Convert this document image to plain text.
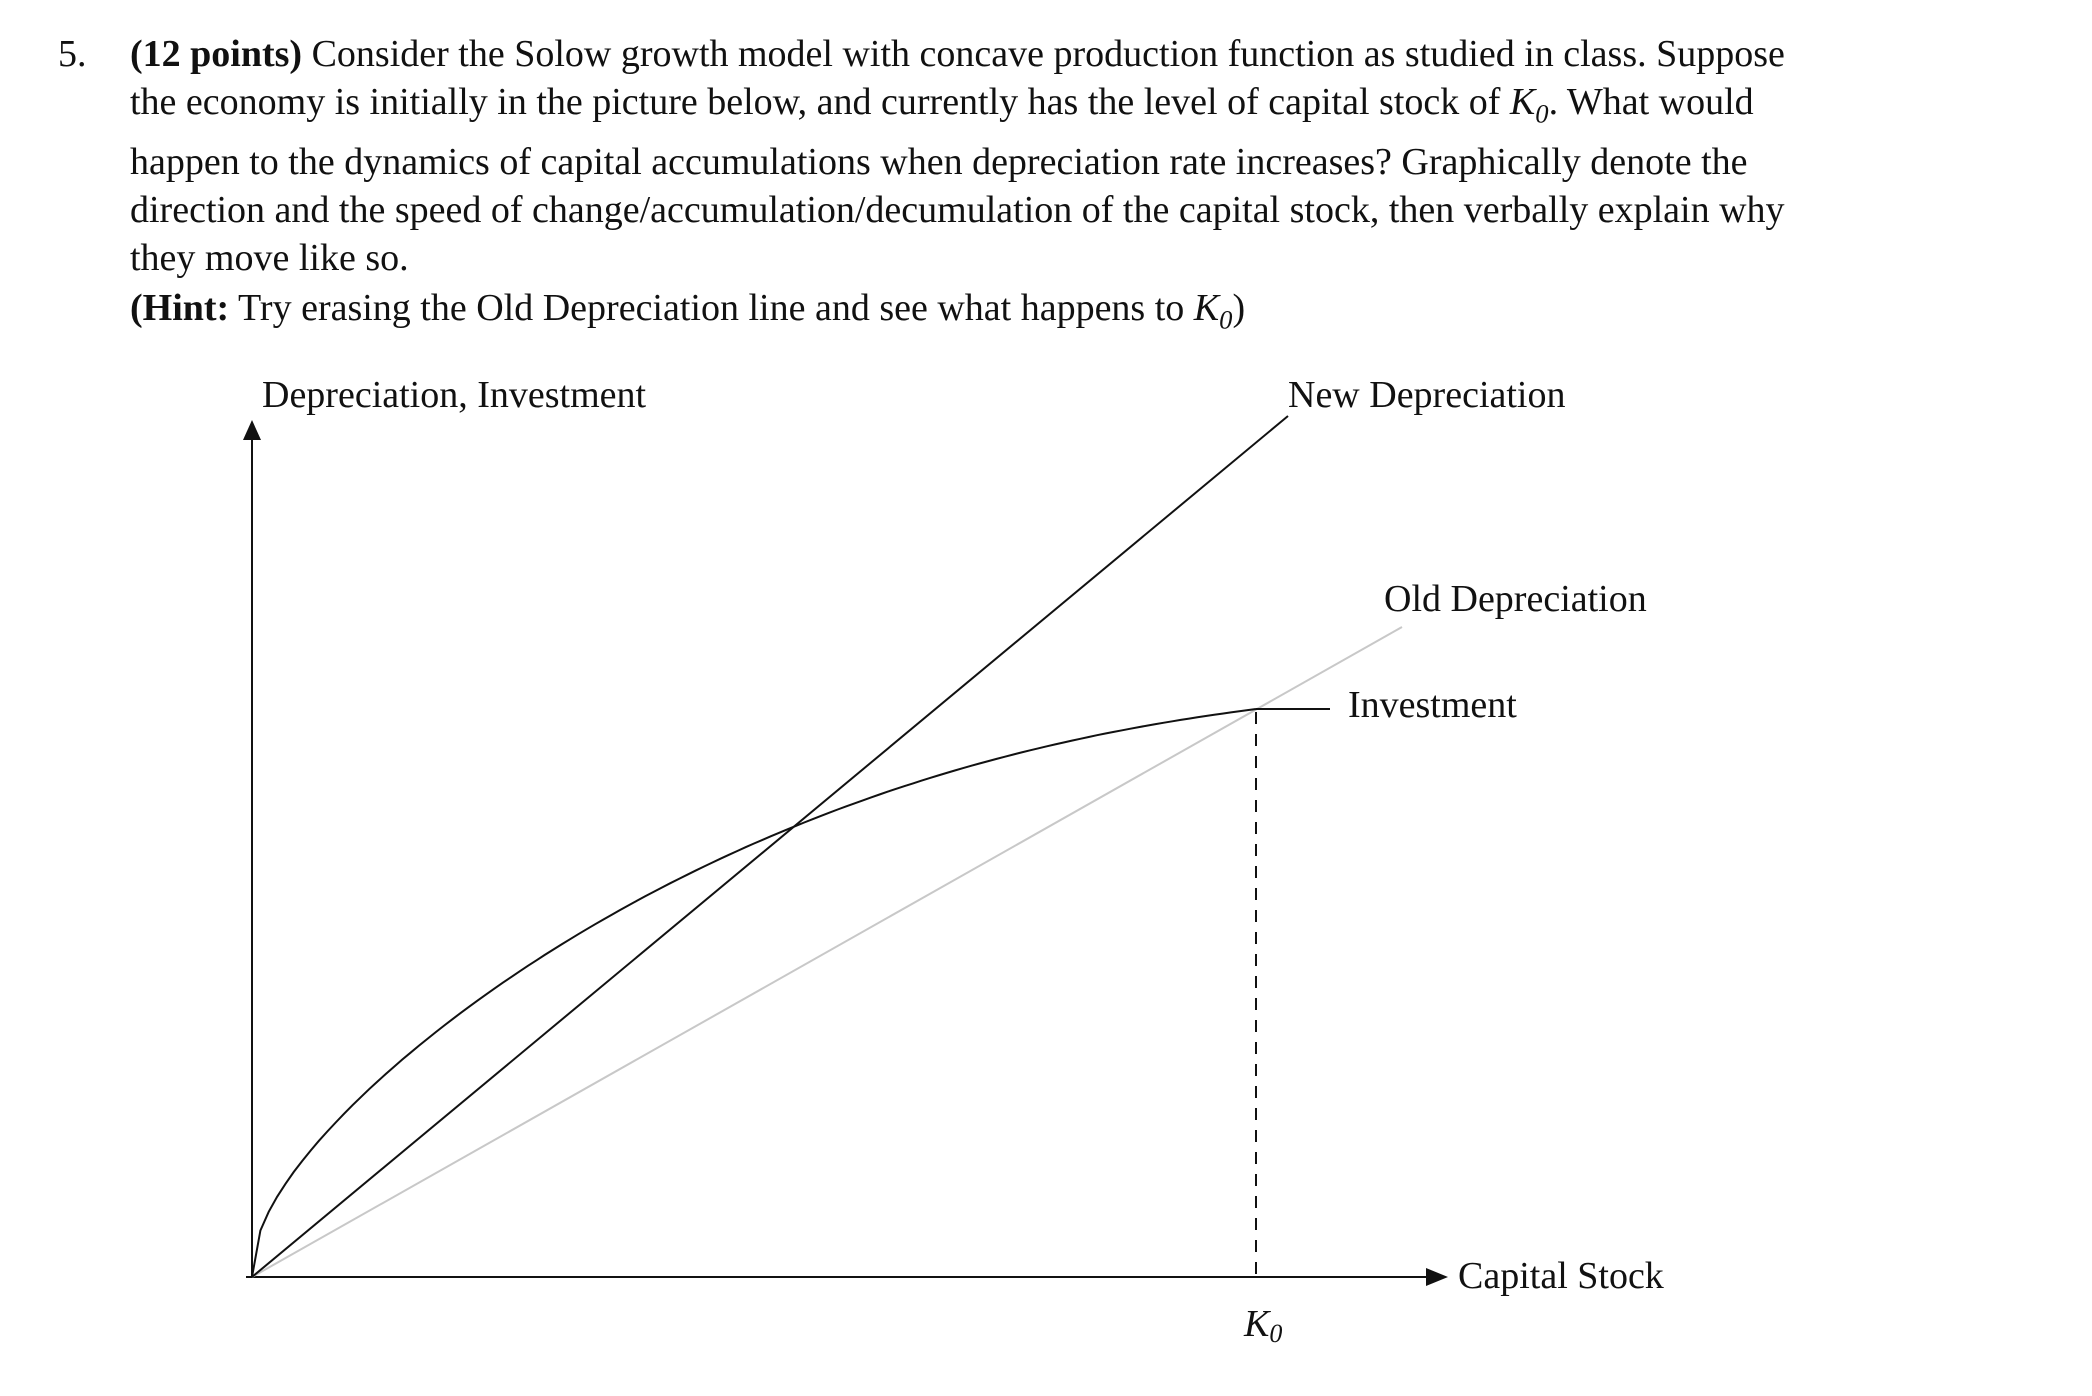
5. (12 points) Consider the Solow growth model with concave production function as studied in class. Suppose
the economy is initially in the picture below, and currently has the level of capital stock of $K_0$. What would
happen to the dynamics of capital accumulations when depreciation rate increases? Graphically denote the
direction and the speed of change/accumulation/decumulation of the capital stock, then verbally explain why
they move like so.
(Hint: Try erasing the Old Depreciation line and see what happens to $K_0$)
Depreciation, Investment	New Depreciation
Old Depreciation
Investment
Capital Stock
K0
